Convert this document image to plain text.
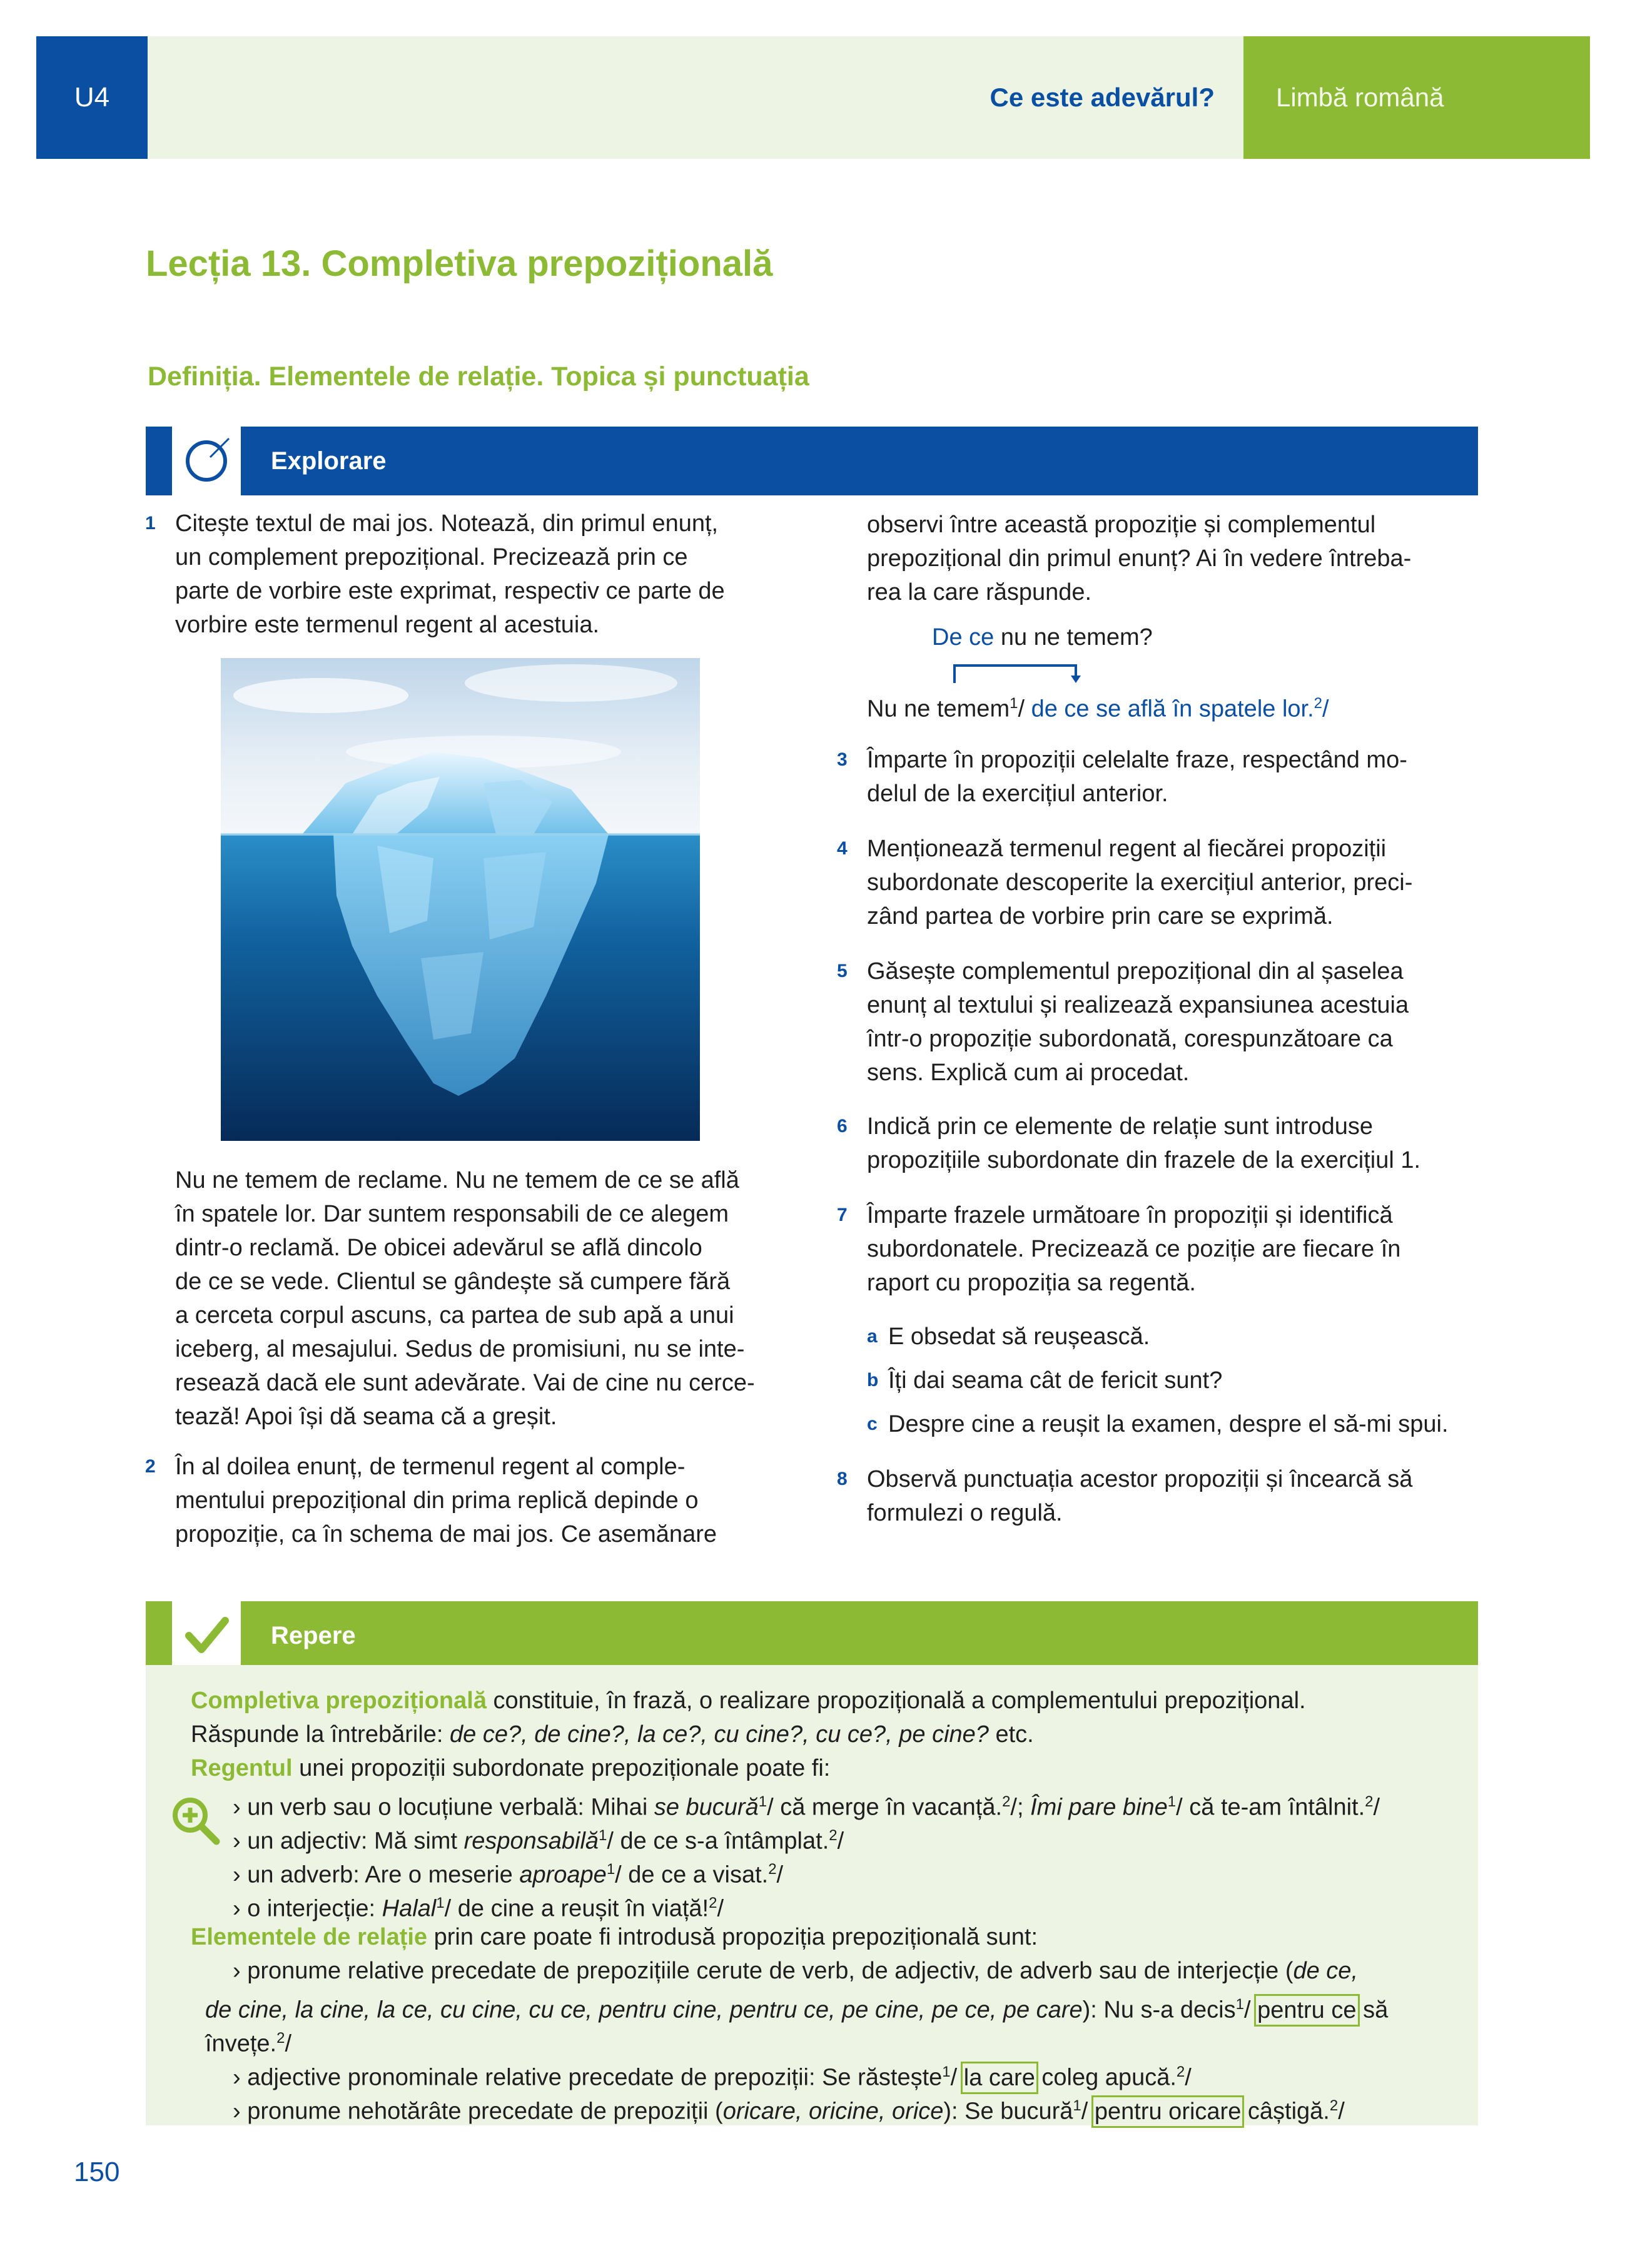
U4	Ce este adevărul?	Limbă română
Lecția 13. Completiva prepozițională
Definiția. Elementele de relație. Topica și punctuația
Explorare
1 Citește textul de mai jos. Notează, din primul enunț,

un complement prepozițional. Precizează prin ce

parte de vorbire este exprimat, respectiv ce parte de

vorbire este termenul regent al acestuia.

Nu ne temem de reclame. Nu ne temem de ce se află

în spatele lor. Dar suntem responsabili de ce alegem

dintr-o reclamă. De obicei adevărul se află dincolo

de ce se vede. Clientul se gândește să cumpere fără

a cerceta corpul ascuns, ca partea de sub apă a unui

iceberg, al mesajului. Sedus de promisiuni, nu se inte-

resează dacă ele sunt adevărate. Vai de cine nu cerce-

tează! Apoi își dă seama că a greșit.

2 În al doilea enunț, de termenul regent al comple-

mentului prepozițional din prima replică depinde o

propoziție, ca în schema de mai jos. Ce asemănare

observi între această propoziție și complementul

prepozițional din primul enunț? Ai în vedere întreba-

rea la care răspunde.

De ce nu ne temem?
Nu ne temem$^1$/ de ce se află în spatele lor.$^2$/
3 Împarte în propoziții celelalte fraze, respectând mo-

delul de la exercițiul anterior.

4 Menționează termenul regent al fiecărei propoziții

subordonate descoperite la exercițiul anterior, preci-

zând partea de vorbire prin care se exprimă.

5 Găsește complementul prepozițional din al șaselea

enunț al textului și realizează expansiunea acestuia

într-o propoziție subordonată, corespunzătoare ca

sens. Explică cum ai procedat.

6 Indică prin ce elemente de relație sunt introduse

propozițiile subordonate din frazele de la exercițiul 1.

7 Împarte frazele următoare în propoziții și identifică

subordonatele. Precizează ce poziție are fiecare în

raport cu propoziția sa regentă.

a E obsedat să reușească.
b Îți dai seama cât de fericit sunt?
c Despre cine a reușit la examen, despre el să-mi spui.
8 Observă punctuația acestor propoziții și încearcă să

formulezi o regulă.

Repere
Completiva prepozițională constituie, în frază, o realizare propozițională a complementului prepozițional.
Răspunde la întrebările: de ce?, de cine?, la ce?, cu cine?, cu ce?, pe cine? etc.
Regentul unei propoziții subordonate prepoziționale poate fi:
› un verb sau o locuțiune verbală: Mihai se bucură$^1$/ că merge în vacanță.$^2$/; Îmi pare bine$^1$/ că te-am întâlnit.$^2$/
› un adjectiv: Mă simt responsabilă$^1$/ de ce s-a întâmplat.$^2$/
› un adverb: Are o meserie aproape$^1$/ de ce a visat.$^2$/
› o interjecție: Halal$^1$/ de cine a reușit în viață!$^2$/
Elementele de relație prin care poate fi introdusă propoziția prepozițională sunt:
› pronume relative precedate de prepozițiile cerute de verb, de adjectiv, de adverb sau de interjecție (de ce,
de cine, la cine, la ce, cu cine, cu ce, pentru cine, pentru ce, pe cine, pe ce, pe care): Nu s-a decis$^1$/ pentru ce să
învețe.$^2$/
› adjective pronominale relative precedate de prepoziții: Se răstește$^1$/ la care coleg apucă.$^2$/
› pronume nehotărâte precedate de prepoziții (oricare, oricine, orice): Se bucură$^1$/ pentru oricare câștigă.$^2$/
150
